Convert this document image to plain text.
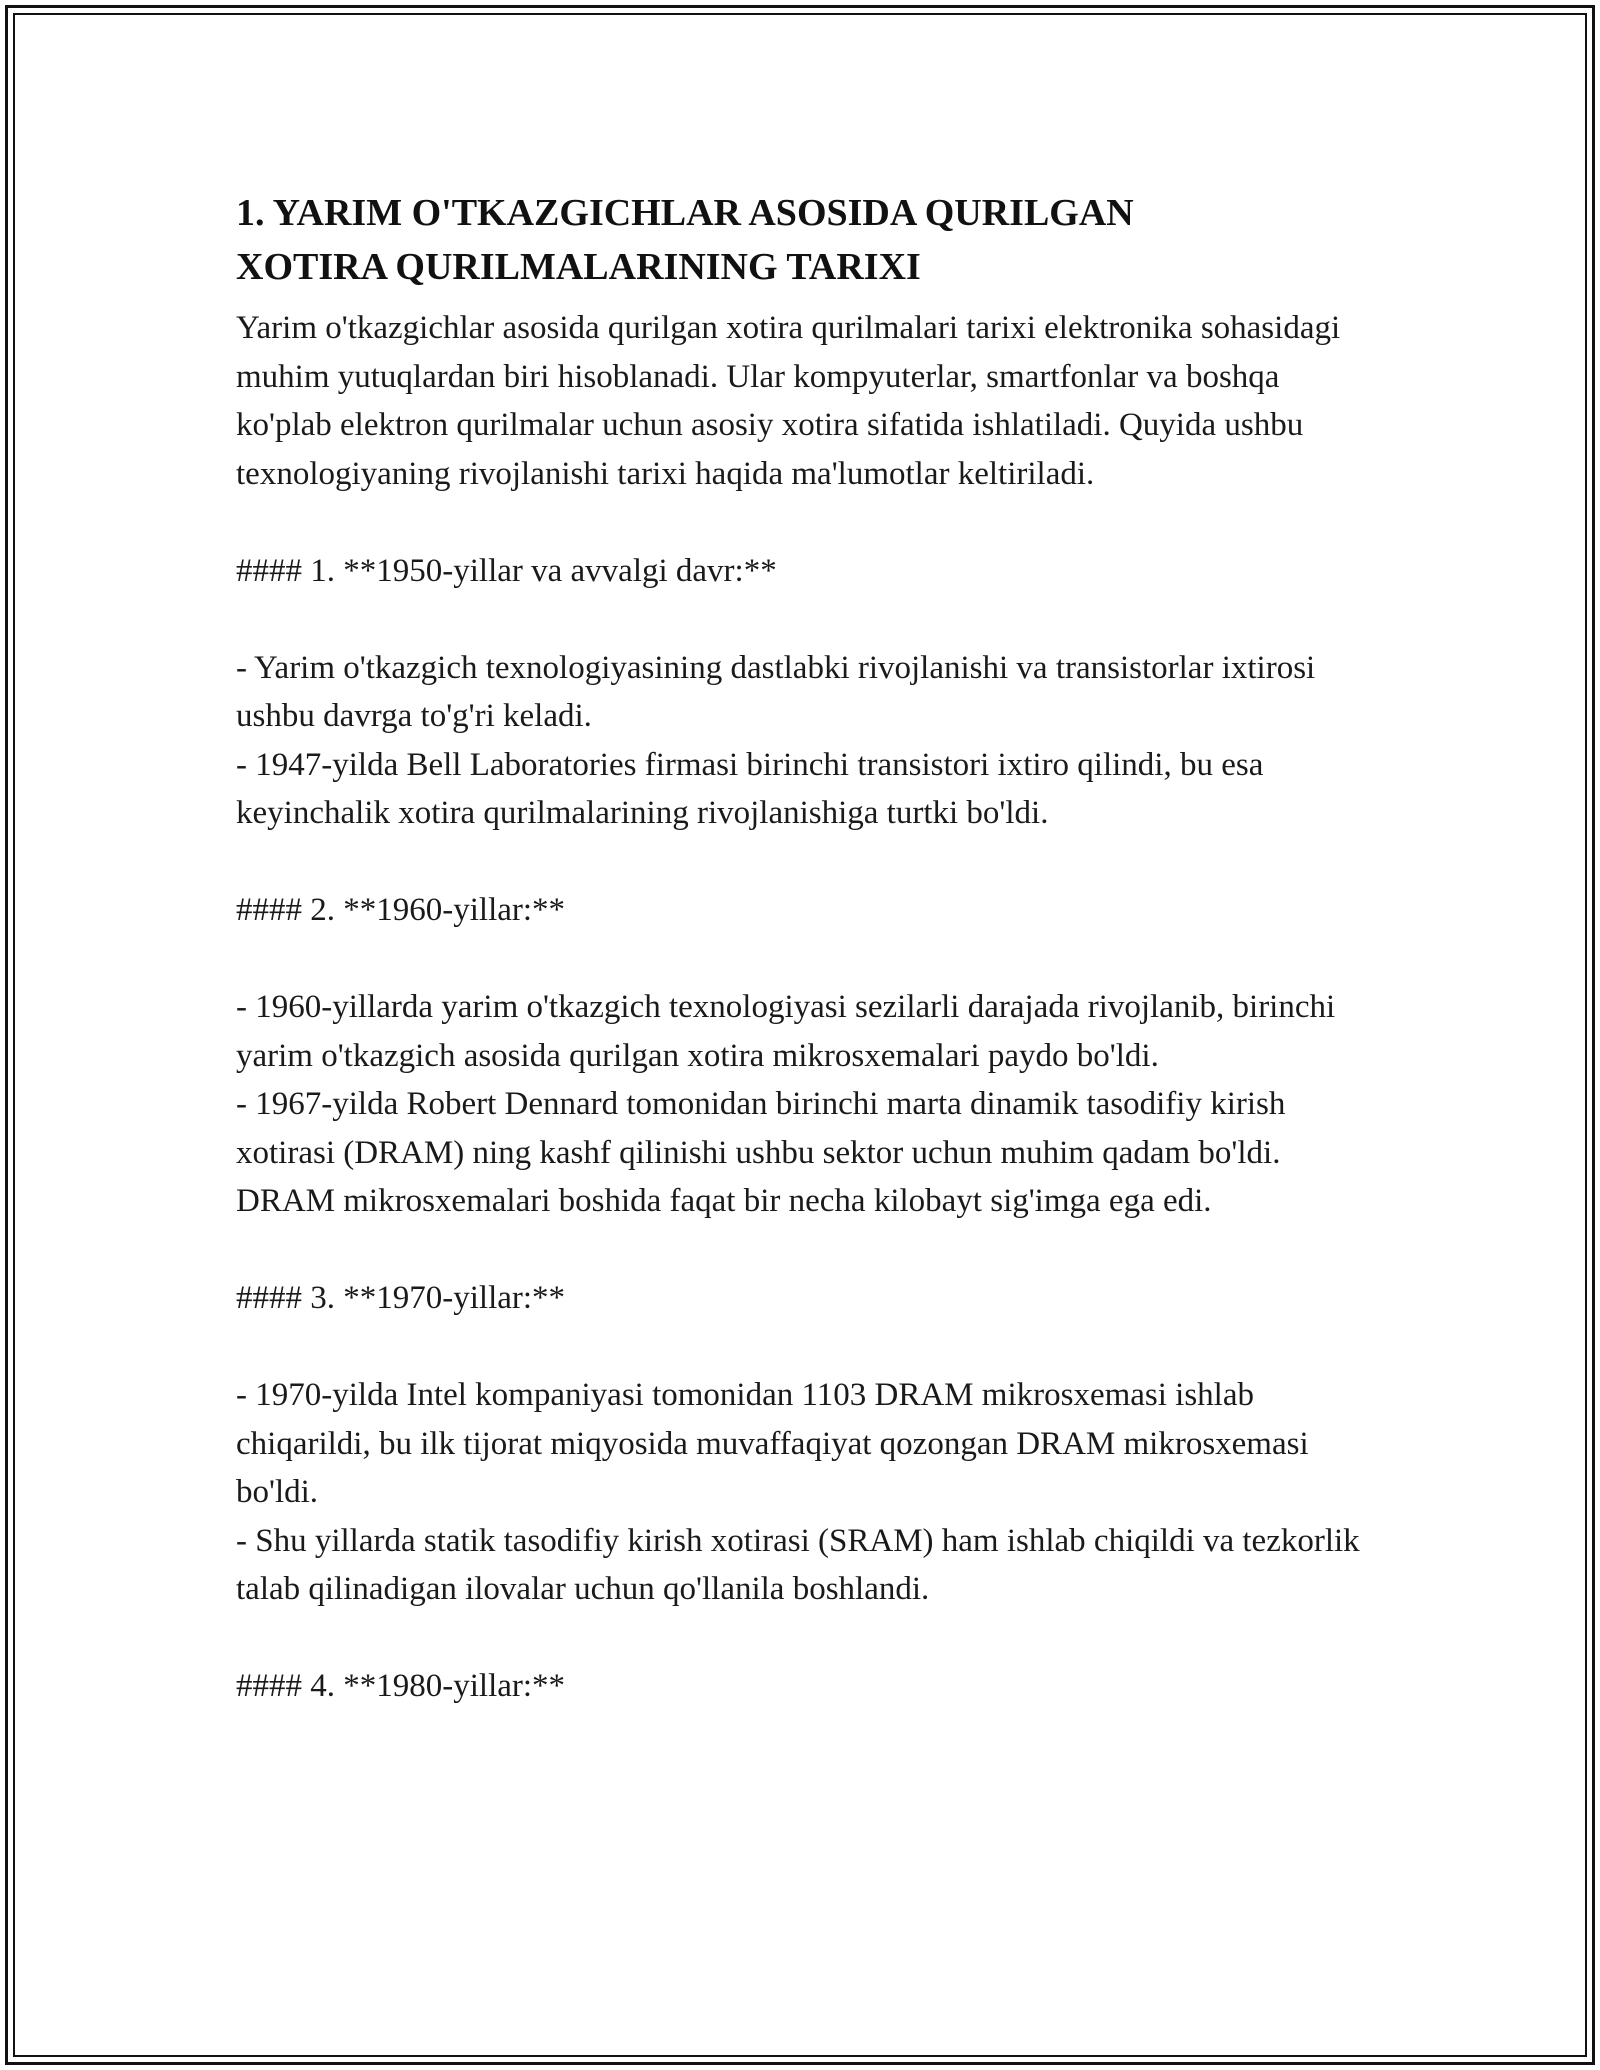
1. YARIM O'TKAZGICHLAR ASOSIDA QURILGAN
XOTIRA QURILMALARINING TARIXI

Yarim o'tkazgichlar asosida qurilgan xotira qurilmalari tarixi elektronika sohasidagi muhim yutuqlardan biri hisoblanadi. Ular kompyuterlar, smartfonlar va boshqa ko'plab elektron qurilmalar uchun asosiy xotira sifatida ishlatiladi. Quyida ushbu texnologiyaning rivojlanishi tarixi haqida ma'lumotlar keltiriladi.

#### 1. **1950-yillar va avvalgi davr:**

- Yarim o'tkazgich texnologiyasining dastlabki rivojlanishi va transistorlar ixtirosi ushbu davrga to'g'ri keladi.

- 1947-yilda Bell Laboratories firmasi birinchi transistori ixtiro qilindi, bu esa keyinchalik xotira qurilmalarining rivojlanishiga turtki bo'ldi.

#### 2. **1960-yillar:**

- 1960-yillarda yarim o'tkazgich texnologiyasi sezilarli darajada rivojlanib, birinchi yarim o'tkazgich asosida qurilgan xotira mikrosxemalari paydo bo'ldi.

- 1967-yilda Robert Dennard tomonidan birinchi marta dinamik tasodifiy kirish xotirasi (DRAM) ning kashf qilinishi ushbu sektor uchun muhim qadam bo'ldi. DRAM mikrosxemalari boshida faqat bir necha kilobayt sig'imga ega edi.

#### 3. **1970-yillar:**

- 1970-yilda Intel kompaniyasi tomonidan 1103 DRAM mikrosxemasi ishlab chiqarildi, bu ilk tijorat miqyosida muvaffaqiyat qozongan DRAM mikrosxemasi bo'ldi.

- Shu yillarda statik tasodifiy kirish xotirasi (SRAM) ham ishlab chiqildi va tezkorlik talab qilinadigan ilovalar uchun qo'llanila boshlandi.

#### 4. **1980-yillar:**
